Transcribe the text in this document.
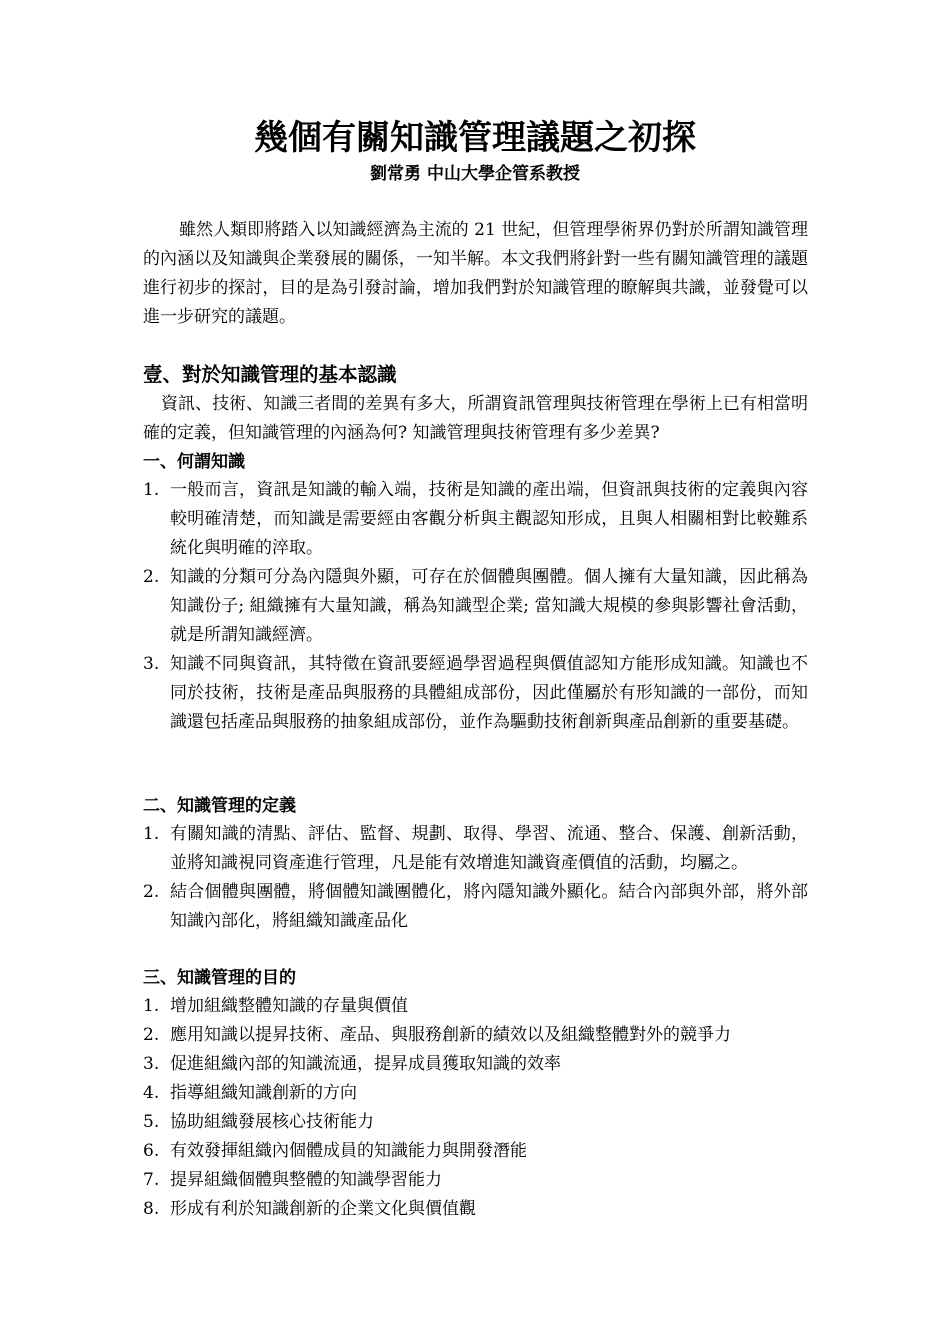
幾個有關知識管理議題之初探
劉常勇 中山大學企管系教授

雖然人類即將踏入以知識經濟為主流的 21 世紀，但管理學術界仍對於所謂知識管理的內涵以及知識與企業發展的關係，一知半解。本文我們將針對一些有關知識管理的議題進行初步的探討，目的是為引發討論，增加我們對於知識管理的瞭解與共識，並發覺可以進一步研究的議題。

壹、對於知識管理的基本認識

資訊、技術、知識三者間的差異有多大，所謂資訊管理與技術管理在學術上已有相當明確的定義，但知識管理的內涵為何? 知識管理與技術管理有多少差異?

一、何謂知識
1. 一般而言，資訊是知識的輸入端，技術是知識的產出端，但資訊與技術的定義與內容較明確清楚，而知識是需要經由客觀分析與主觀認知形成，且與人相關相對比較難系統化與明確的淬取。
2. 知識的分類可分為內隱與外顯，可存在於個體與團體。個人擁有大量知識，因此稱為知識份子; 組織擁有大量知識，稱為知識型企業; 當知識大規模的參與影響社會活動，就是所謂知識經濟。
3. 知識不同與資訊，其特徵在資訊要經過學習過程與價值認知方能形成知識。知識也不同於技術，技術是產品與服務的具體組成部份，因此僅屬於有形知識的一部份，而知識還包括產品與服務的抽象組成部份，並作為驅動技術創新與產品創新的重要基礎。
二、知識管理的定義
1. 有關知識的清點、評估、監督、規劃、取得、學習、流通、整合、保護、創新活動，並將知識視同資產進行管理，凡是能有效增進知識資產價值的活動，均屬之。
2. 結合個體與團體，將個體知識團體化，將內隱知識外顯化。結合內部與外部，將外部知識內部化，將組織知識產品化
三、知識管理的目的
1. 增加組織整體知識的存量與價值
2. 應用知識以提昇技術、產品、與服務創新的績效以及組織整體對外的競爭力
3. 促進組織內部的知識流通，提昇成員獲取知識的效率
4. 指導組織知識創新的方向
5. 協助組織發展核心技術能力
6. 有效發揮組織內個體成員的知識能力與開發潛能
7. 提昇組織個體與整體的知識學習能力
8. 形成有利於知識創新的企業文化與價值觀
